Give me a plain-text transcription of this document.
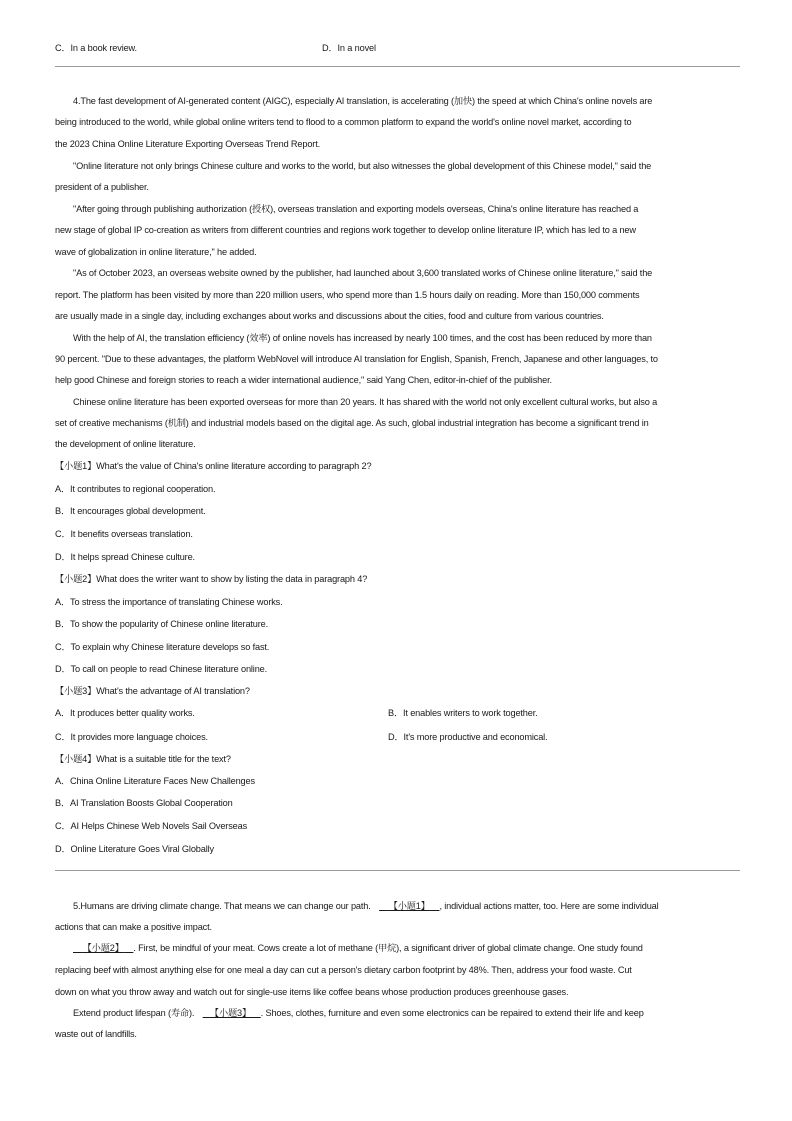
C．In a book review.	D．In a novel
4.The fast development of AI-generated content (AIGC), especially AI translation, is accelerating (加快) the speed at which China's online novels are
being introduced to the world, while global online writers tend to flood to a common platform to expand the world's online novel market, according to
the 2023 China Online Literature Exporting Overseas Trend Report.
"Online literature not only brings Chinese culture and works to the world, but also witnesses the global development of this Chinese model," said the
president of a publisher.
"After going through publishing authorization (授权), overseas translation and exporting models overseas, China's online literature has reached a
new stage of global IP co-creation as writers from different countries and regions work together to develop online literature IP, which has led to a new
wave of globalization in online literature," he added.
"As of October 2023, an overseas website owned by the publisher, had launched about 3,600 translated works of Chinese online literature," said the
report. The platform has been visited by more than 220 million users, who spend more than 1.5 hours daily on reading. More than 150,000 comments
are usually made in a single day, including exchanges about works and discussions about the cities, food and culture from various countries.
With the help of AI, the translation efficiency (效率) of online novels has increased by nearly 100 times, and the cost has been reduced by more than
90 percent. "Due to these advantages, the platform WebNovel will introduce AI translation for English, Spanish, French, Japanese and other languages, to
help good Chinese and foreign stories to reach a wider international audience," said Yang Chen, editor-in-chief of the publisher.
Chinese online literature has been exported overseas for more than 20 years. It has shared with the world not only excellent cultural works, but also a
set of creative mechanisms (机制) and industrial models based on the digital age. As such, global industrial integration has become a significant trend in
the development of online literature.
【小题1】What's the value of China's online literature according to paragraph 2?
A．It contributes to regional cooperation.
B．It encourages global development.
C．It benefits overseas translation.
D．It helps spread Chinese culture.
【小题2】What does the writer want to show by listing the data in paragraph 4?
A．To stress the importance of translating Chinese works.
B．To show the popularity of Chinese online literature.
C．To explain why Chinese literature develops so fast.
D．To call on people to read Chinese literature online.
【小题3】What's the advantage of AI translation?
A．It produces better quality works.	B．It enables writers to work together.
C．It provides more language choices.	D．It's more productive and economical.
【小题4】What is a suitable title for the text?
A．China Online Literature Faces New Challenges
B．AI Translation Boosts Global Cooperation
C．AI Helps Chinese Web Novels Sail Overseas
D．Online Literature Goes Viral Globally
5.Humans are driving climate change. That means we can change our path. 【小题1】 , individual actions matter, too. Here are some individual
actions that can make a positive impact.
【小题2】 . First, be mindful of your meat. Cows create a lot of methane (甲烷), a significant driver of global climate change. One study found
replacing beef with almost anything else for one meal a day can cut a person's dietary carbon footprint by 48%. Then, address your food waste. Cut
down on what you throw away and watch out for single-use items like coffee beans whose production produces greenhouse gases.
Extend product lifespan (寿命). 【小题3】 . Shoes, clothes, furniture and even some electronics can be repaired to extend their life and keep
waste out of landfills.
